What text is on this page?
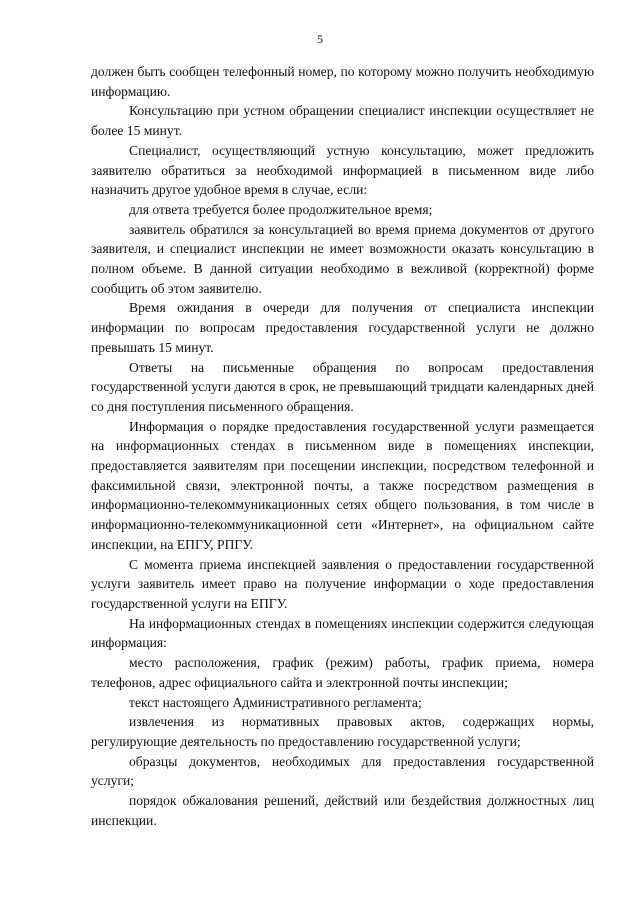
5

должен быть сообщен телефонный номер, по которому можно получить необходимую информацию.

Консультацию при устном обращении специалист инспекции осуществляет не более 15 минут.

Специалист, осуществляющий устную консультацию, может предложить заявителю обратиться за необходимой информацией в письменном виде либо назначить другое удобное время в случае, если:

для ответа требуется более продолжительное время;

заявитель обратился за консультацией во время приема документов от другого заявителя, и специалист инспекции не имеет возможности оказать консультацию в полном объеме. В данной ситуации необходимо в вежливой (корректной) форме сообщить об этом заявителю.

Время ожидания в очереди для получения от специалиста инспекции информации по вопросам предоставления государственной услуги не должно превышать 15 минут.

Ответы на письменные обращения по вопросам предоставления государственной услуги даются в срок, не превышающий тридцати календарных дней со дня поступления письменного обращения.

Информация о порядке предоставления государственной услуги размещается на информационных стендах в письменном виде в помещениях инспекции, предоставляется заявителям при посещении инспекции, посредством телефонной и факсимильной связи, электронной почты, а также посредством размещения в информационно-телекоммуникационных сетях общего пользования, в том числе в информационно-телекоммуникационной сети «Интернет», на официальном сайте инспекции, на ЕПГУ, РПГУ.

С момента приема инспекцией заявления о предоставлении государственной услуги заявитель имеет право на получение информации о ходе предоставления государственной услуги на ЕПГУ.

На информационных стендах в помещениях инспекции содержится следующая информация:

место расположения, график (режим) работы, график приема, номера телефонов, адрес официального сайта и электронной почты инспекции;

текст настоящего Административного регламента;

извлечения из нормативных правовых актов, содержащих нормы, регулирующие деятельность по предоставлению государственной услуги;

образцы документов, необходимых для предоставления государственной услуги;

порядок обжалования решений, действий или бездействия должностных лиц инспекции.
